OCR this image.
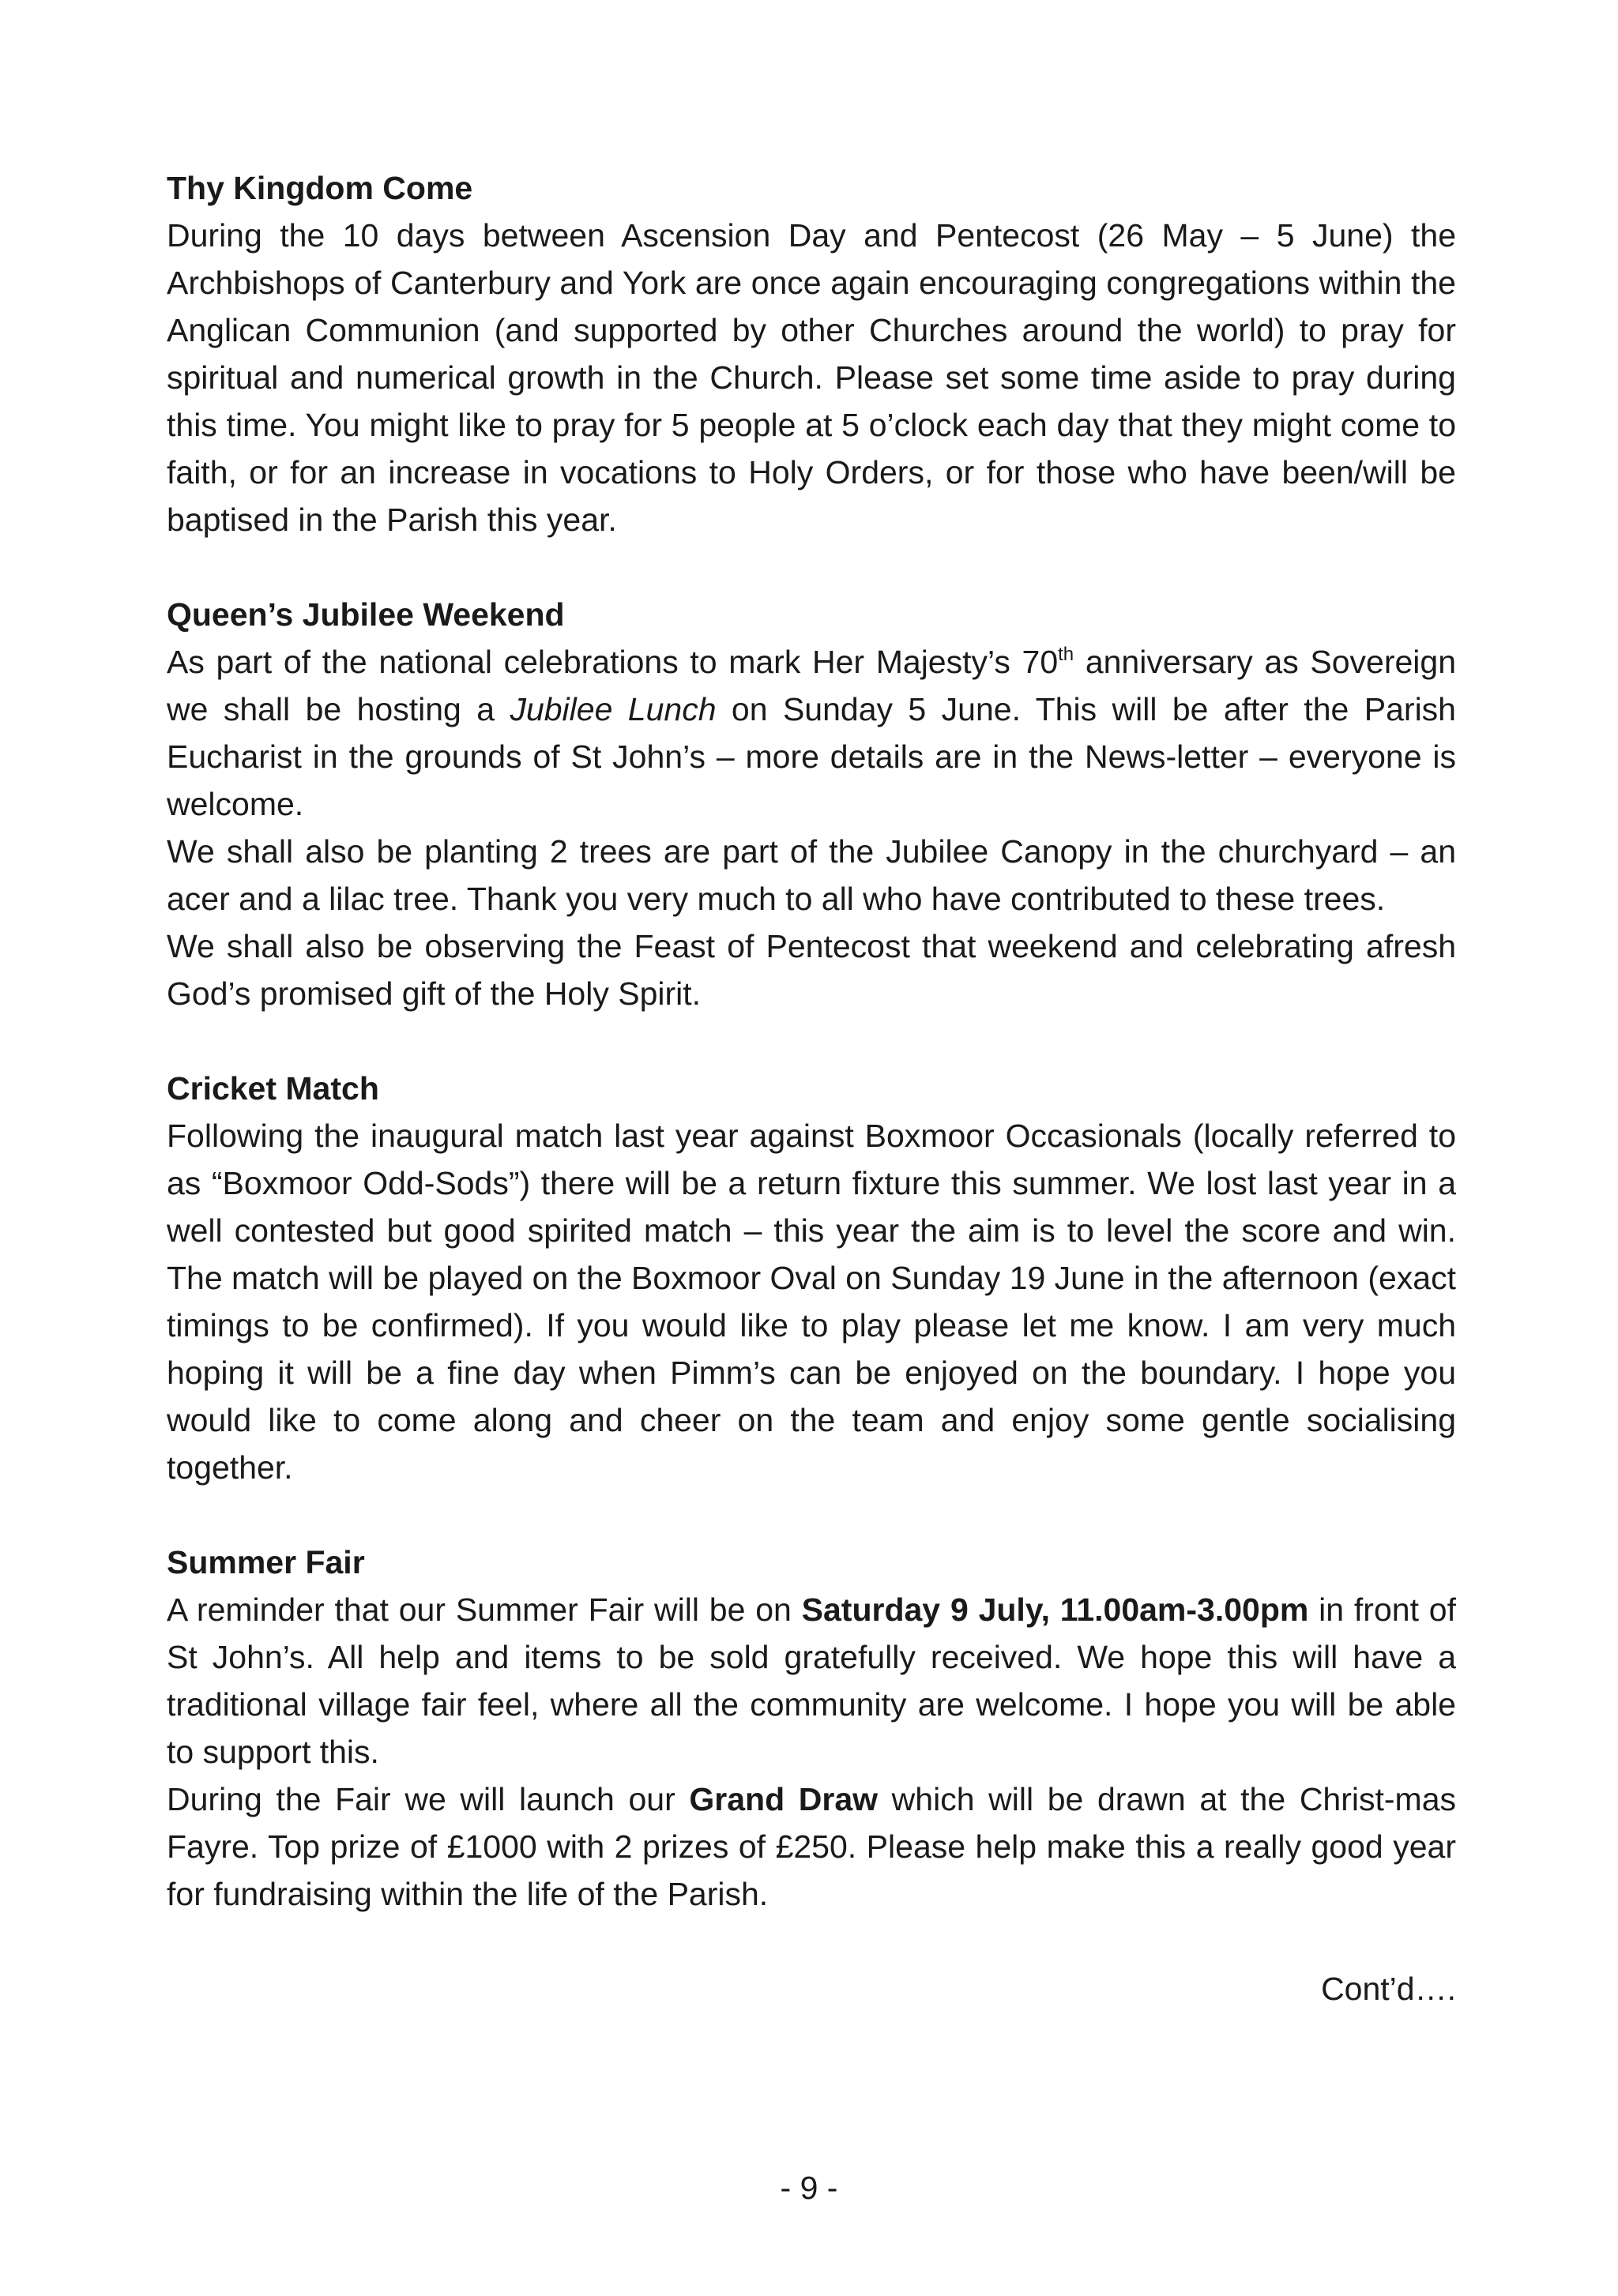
Thy Kingdom Come

During the 10 days between Ascension Day and Pentecost (26 May – 5 June) the Archbishops of Canterbury and York are once again encouraging congregations within the Anglican Communion (and supported by other Churches around the world) to pray for spiritual and numerical growth in the Church. Please set some time aside to pray during this time. You might like to pray for 5 people at 5 o’clock each day that they might come to faith, or for an increase in vocations to Holy Orders, or for those who have been/will be baptised in the Parish this year.

Queen’s Jubilee Weekend

As part of the national celebrations to mark Her Majesty’s 70th anniversary as Sovereign we shall be hosting a Jubilee Lunch on Sunday 5 June. This will be after the Parish Eucharist in the grounds of St John’s – more details are in the News-letter – everyone is welcome.

We shall also be planting 2 trees are part of the Jubilee Canopy in the churchyard – an acer and a lilac tree. Thank you very much to all who have contributed to these trees.

We shall also be observing the Feast of Pentecost that weekend and celebrating afresh God’s promised gift of the Holy Spirit.

Cricket Match

Following the inaugural match last year against Boxmoor Occasionals (locally referred to as “Boxmoor Odd-Sods”) there will be a return fixture this summer. We lost last year in a well contested but good spirited match – this year the aim is to level the score and win. The match will be played on the Boxmoor Oval on Sunday 19 June in the afternoon (exact timings to be confirmed). If you would like to play please let me know. I am very much hoping it will be a fine day when Pimm’s can be enjoyed on the boundary. I hope you would like to come along and cheer on the team and enjoy some gentle socialising together.

Summer Fair

A reminder that our Summer Fair will be on Saturday 9 July, 11.00am-3.00pm in front of St John’s. All help and items to be sold gratefully received. We hope this will have a traditional village fair feel, where all the community are welcome. I hope you will be able to support this.

During the Fair we will launch our Grand Draw which will be drawn at the Christ-mas Fayre. Top prize of £1000 with 2 prizes of £250. Please help make this a really good year for fundraising within the life of the Parish.

Cont’d….

- 9 -
